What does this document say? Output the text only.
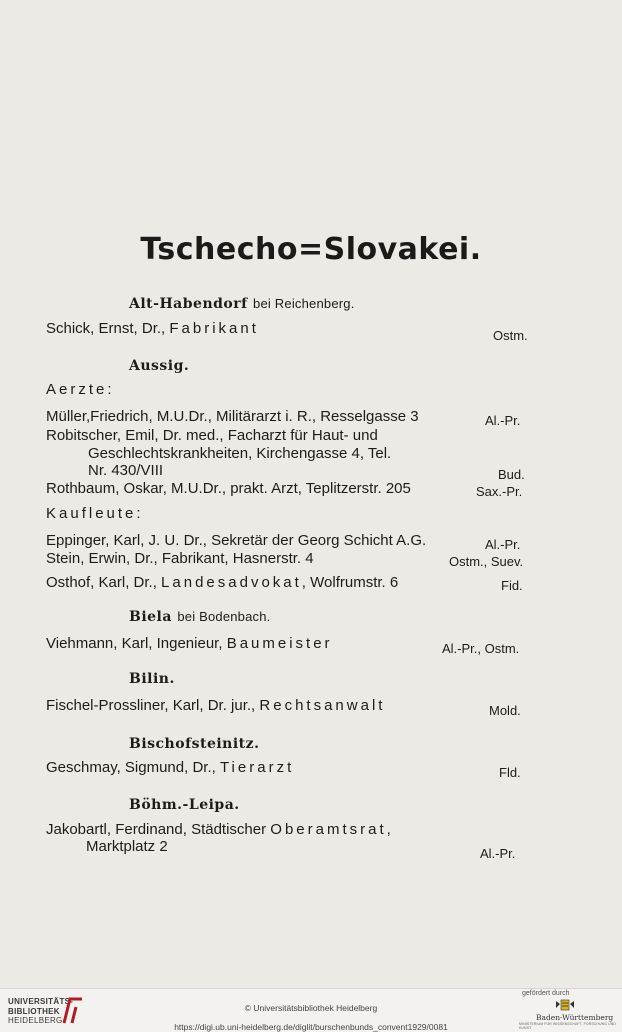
Tschecho=Slovakei.
Alt-Habendorf bei Reichenberg.
Schick, Ernst, Dr., Fabrikant	Ostm.
Aussig.
Aerzte:
Müller,Friedrich, M.U.Dr., Militärarzt i. R., Resselgasse 3	Al.-Pr.
Robitscher, Emil, Dr. med., Facharzt für Haut- und
Geschlechtskrankheiten, Kirchengasse 4, Tel.
Nr. 430/VIII	Bud.
Rothbaum, Oskar, M.U.Dr., prakt. Arzt, Teplitzerstr. 205	Sax.-Pr.
Kaufleute:
Eppinger, Karl, J. U. Dr., Sekretär der Georg Schicht A.G.	Al.-Pr.
Stein, Erwin, Dr., Fabrikant, Hasnerstr. 4	Ostm., Suev.
Osthof, Karl, Dr., Landesadvokat, Wolfrumstr. 6	Fid.
Biela bei Bodenbach.
Viehmann, Karl, Ingenieur, Baumeister	Al.-Pr., Ostm.
Bilin.
Fischel-Prossliner, Karl, Dr. jur., Rechtsanwalt	Mold.
Bischofsteinitz.
Geschmay, Sigmund, Dr., Tierarzt	Fld.
Böhm.-Leipa.
Jakobartl, Ferdinand, Städtischer Oberamtsrat,
Marktplatz 2	Al.-Pr.
UNIVERSITÄTS-
BIBLIOTHEK
HEIDELBERG
© Universitätsbibliothek Heidelberg
https://digi.ub.uni-heidelberg.de/diglit/burschenbunds_convent1929/0081
gefördert durch
Baden-Württemberg
MINISTERIUM FÜR WISSENSCHAFT, FORSCHUNG UND KUNST
